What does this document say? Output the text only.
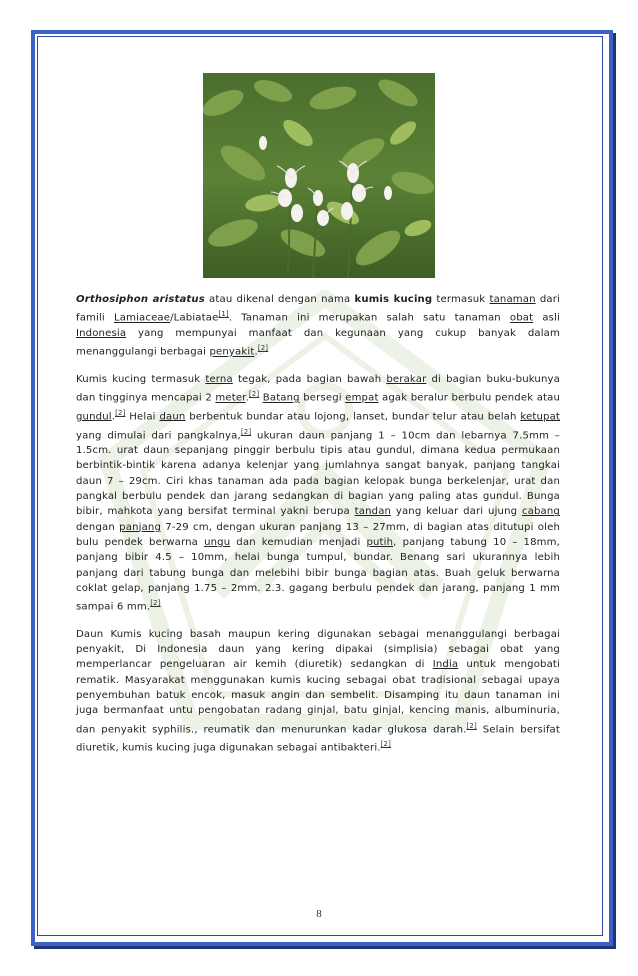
Orthosiphon aristatus atau dikenal dengan nama kumis kucing termasuk tanaman dari famili Lamiaceae/Labiatae[1]. Tanaman ini merupakan salah satu tanaman obat asli Indonesia yang mempunyai manfaat dan kegunaan yang cukup banyak dalam menanggulangi berbagai penyakit.[2]

Kumis kucing termasuk terna tegak, pada bagian bawah berakar di bagian buku-bukunya dan tingginya mencapai 2 meter.[2] Batang bersegi empat agak beralur berbulu pendek atau gundul.[2] Helai daun berbentuk bundar atau lojong, lanset, bundar telur atau belah ketupat yang dimulai dari pangkalnya,[2] ukuran daun panjang 1 – 10cm dan lebarnya 7.5mm – 1.5cm. urat daun sepanjang pinggir berbulu tipis atau gundul, dimana kedua permukaan berbintik-bintik karena adanya kelenjar yang jumlahnya sangat banyak, panjang tangkai daun 7 – 29cm. Ciri khas tanaman ada pada bagian kelopak bunga berkelenjar, urat dan pangkal berbulu pendek dan jarang sedangkan di bagian yang paling atas gundul. Bunga bibir, mahkota yang bersifat terminal yakni berupa tandan yang keluar dari ujung cabang dengan panjang 7-29 cm, dengan ukuran panjang 13 – 27mm, di bagian atas ditutupi oleh bulu pendek berwarna ungu dan kemudian menjadi putih, panjang tabung 10 – 18mm, panjang bibir 4.5 – 10mm, helai bunga tumpul, bundar. Benang sari ukurannya lebih panjang dari tabung bunga dan melebihi bibir bunga bagian atas. Buah geluk berwarna coklat gelap, panjang 1.75 – 2mm. 2.3. gagang berbulu pendek dan jarang, panjang 1 mm sampai 6 mm.[2]

Daun Kumis kucing basah maupun kering digunakan sebagai menanggulangi berbagai penyakit, Di Indonesia daun yang kering dipakai (simplisia) sebagai obat yang memperlancar pengeluaran air kemih (diuretik) sedangkan di India untuk mengobati rematik. Masyarakat menggunakan kumis kucing sebagai obat tradisional sebagai upaya penyembuhan batuk encok, masuk angin dan sembelit. Disamping itu daun tanaman ini juga bermanfaat untu pengobatan radang ginjal, batu ginjal, kencing manis, albuminuria, dan penyakit syphilis., reumatik dan menurunkan kadar glukosa darah.[2] Selain bersifat diuretik, kumis kucing juga digunakan sebagai antibakteri.[2]

8
